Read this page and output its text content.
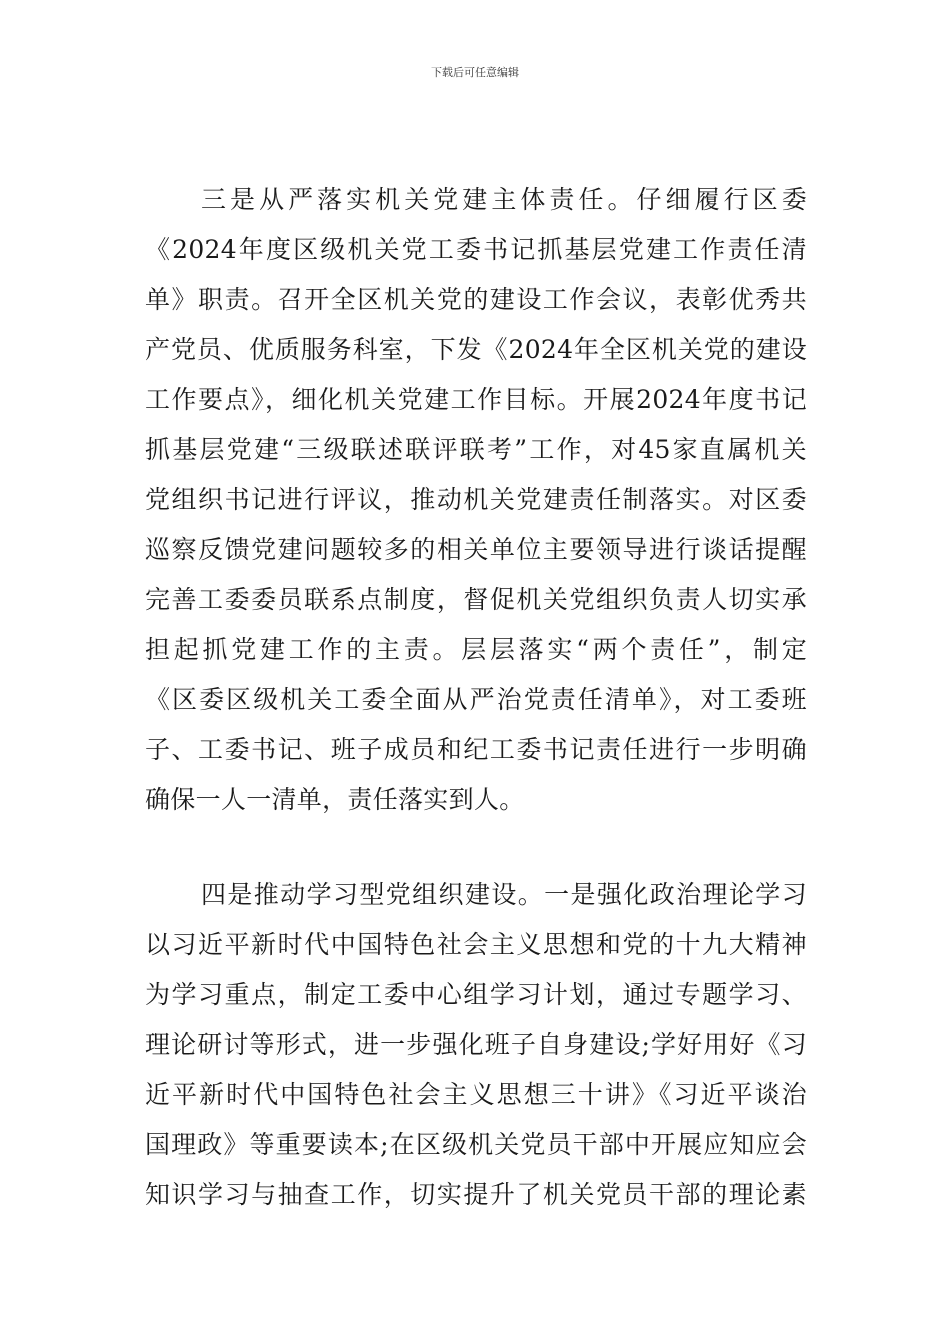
下载后可任意编辑
三是从严落实机关党建主体责任。仔细履行区委
《2024年度区级机关党工委书记抓基层党建工作责任清
单》职责。召开全区机关党的建设工作会议，表彰优秀共
产党员、优质服务科室，下发《2024年全区机关党的建设
工作要点》，细化机关党建工作目标。开展2024年度书记
抓基层党建“三级联述联评联考”工作，对45家直属机关
党组织书记进行评议，推动机关党建责任制落实。对区委
巡察反馈党建问题较多的相关单位主要领导进行谈话提醒
完善工委委员联系点制度，督促机关党组织负责人切实承
担起抓党建工作的主责。层层落实“两个责任”，制定
《区委区级机关工委全面从严治党责任清单》，对工委班
子、工委书记、班子成员和纪工委书记责任进行一步明确
确保一人一清单，责任落实到人。
四是推动学习型党组织建设。一是强化政治理论学习
以习近平新时代中国特色社会主义思想和党的十九大精神
为学习重点，制定工委中心组学习计划，通过专题学习、
理论研讨等形式，进一步强化班子自身建设;学好用好《习
近平新时代中国特色社会主义思想三十讲》《习近平谈治
国理政》等重要读本;在区级机关党员干部中开展应知应会
知识学习与抽查工作，切实提升了机关党员干部的理论素
